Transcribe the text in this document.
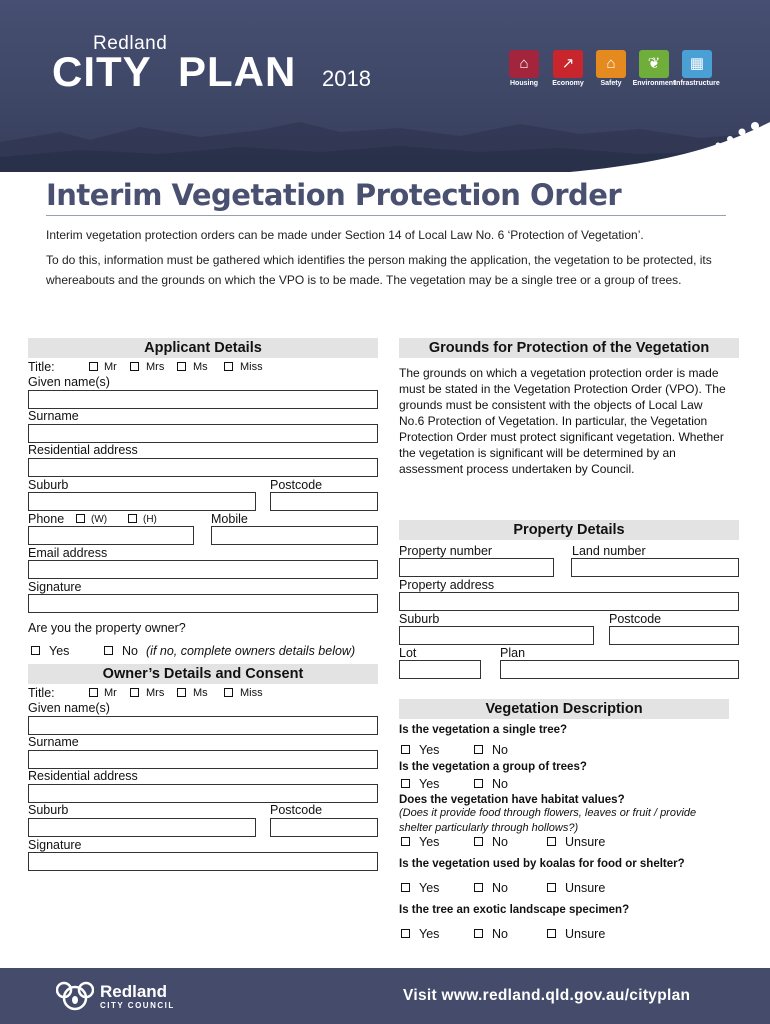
Redland
CITY PLAN 2018
⌂
Housing
↗
Economy
⌂
Safety
❦
Environment
▦
Infrastructure
Interim Vegetation Protection Order
Interim vegetation protection orders can be made under Section 14 of Local Law No. 6 ‘Protection of Vegetation’.
To do this, information must be gathered which identifies the person making the application, the vegetation to be protected, its whereabouts and the grounds on which the VPO is to be made. The vegetation may be a single tree or a group of trees.
Applicant Details
Title:	Mr	Mrs	Ms	Miss
Given name(s)
Surname
Residential address
Suburb	Postcode
Phone	(W)	(H)	Mobile
Email address
Signature
Are you the property owner?
Yes	No (if no, complete owners details below)
Owner’s Details and Consent
Title:	Mr	Mrs	Ms	Miss
Given name(s)
Surname
Residential address
Suburb	Postcode
Signature
Grounds for Protection of the Vegetation
The grounds on which a vegetation protection order is made must be stated in the Vegetation Protection Order (VPO). The grounds must be consistent with the objects of Local Law No.6 Protection of Vegetation. In particular, the Vegetation Protection Order must protect significant vegetation. Whether the vegetation is significant will be determined by an assessment process undertaken by Council.
Property Details
Property number	Land number
Property address
Suburb	Postcode
Lot	Plan
Vegetation Description
Is the vegetation a single tree?
Yes	No
Is the vegetation a group of trees?
Yes	No
Does the vegetation have habitat values?
(Does it provide food through flowers, leaves or fruit / provide shelter particularly through hollows?)
Yes	No	Unsure
Is the vegetation used by koalas for food or shelter?
Yes	No	Unsure
Is the tree an exotic landscape specimen?
Yes	No	Unsure
Redland
CITY COUNCIL
Visit www.redland.qld.gov.au/cityplan
